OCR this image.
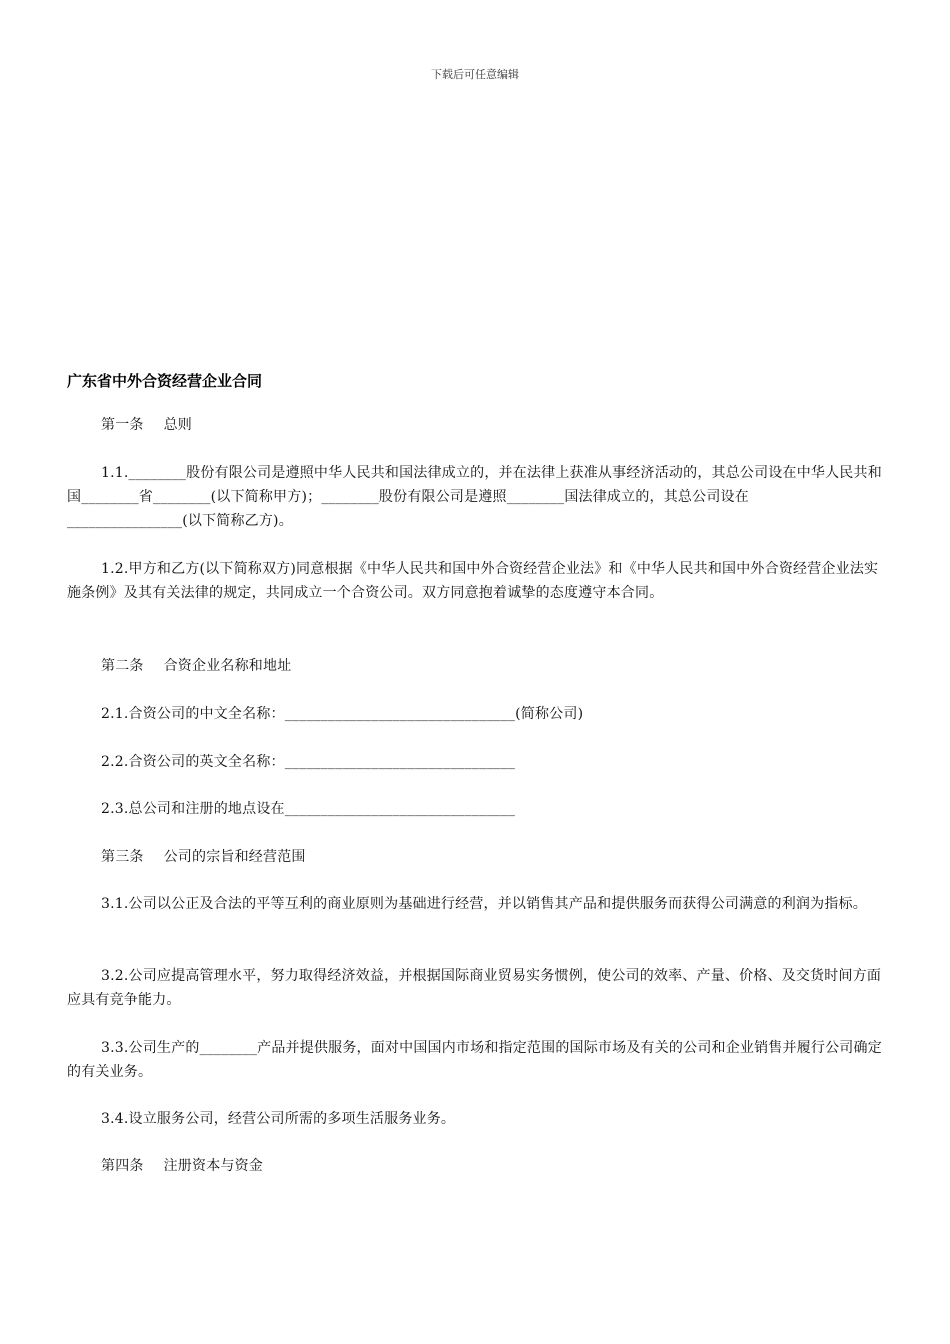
下载后可任意编辑
广东省中外合资经营企业合同
第一条 总则
1.1.________股份有限公司是遵照中华人民共和国法律成立的，并在法律上获准从事经济活动的，其总公司设在中华人民共和国________省________(以下简称甲方)；________股份有限公司是遵照________国法律成立的，其总公司设在________________(以下简称乙方)。
1.2.甲方和乙方(以下简称双方)同意根据《中华人民共和国中外合资经营企业法》和《中华人民共和国中外合资经营企业法实施条例》及其有关法律的规定，共同成立一个合资公司。双方同意抱着诚挚的态度遵守本合同。
第二条 合资企业名称和地址
2.1.合资公司的中文全名称：________________________________(简称公司)
2.2.合资公司的英文全名称：________________________________
2.3.总公司和注册的地点设在________________________________
第三条 公司的宗旨和经营范围
3.1.公司以公正及合法的平等互利的商业原则为基础进行经营，并以销售其产品和提供服务而获得公司满意的利润为指标。
3.2.公司应提高管理水平，努力取得经济效益，并根据国际商业贸易实务惯例，使公司的效率、产量、价格、及交货时间方面应具有竞争能力。
3.3.公司生产的________产品并提供服务，面对中国国内市场和指定范围的国际市场及有关的公司和企业销售并履行公司确定的有关业务。
3.4.设立服务公司，经营公司所需的多项生活服务业务。
第四条 注册资本与资金
